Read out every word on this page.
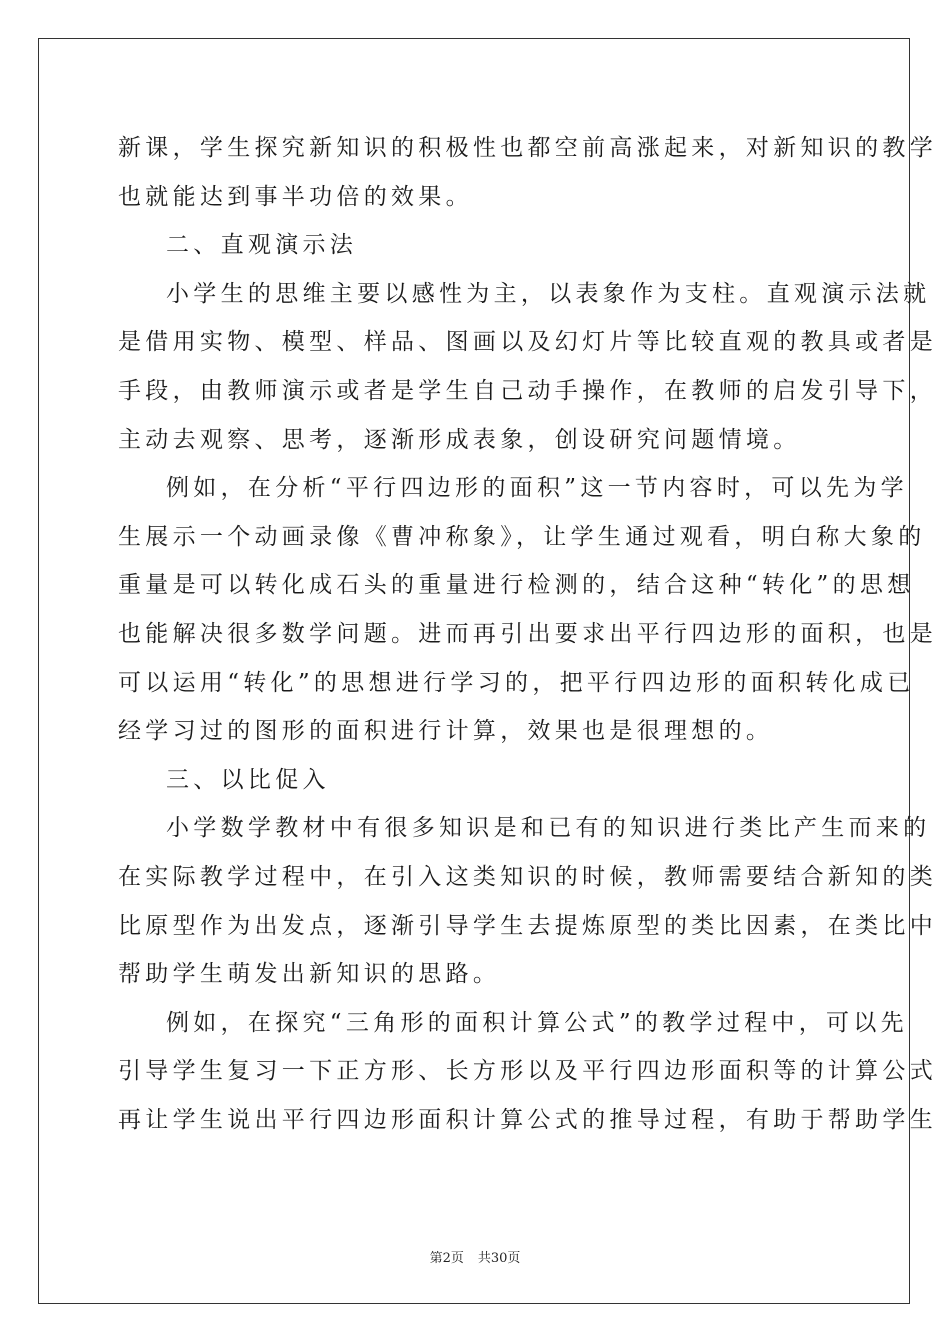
新课，学生探究新知识的积极性也都空前高涨起来，对新知识的教学
也就能达到事半功倍的效果。
二、直观演示法
小学生的思维主要以感性为主，以表象作为支柱。直观演示法就
是借用实物、模型、样品、图画以及幻灯片等比较直观的教具或者是
手段，由教师演示或者是学生自己动手操作，在教师的启发引导下，
主动去观察、思考，逐渐形成表象，创设研究问题情境。
例如，在分析“平行四边形的面积”这一节内容时，可以先为学
生展示一个动画录像《曹冲称象》，让学生通过观看，明白称大象的
重量是可以转化成石头的重量进行检测的，结合这种“转化”的思想
也能解决很多数学问题。进而再引出要求出平行四边形的面积，也是
可以运用“转化”的思想进行学习的，把平行四边形的面积转化成已
经学习过的图形的面积进行计算，效果也是很理想的。
三、以比促入
小学数学教材中有很多知识是和已有的知识进行类比产生而来的
在实际教学过程中，在引入这类知识的时候，教师需要结合新知的类
比原型作为出发点，逐渐引导学生去提炼原型的类比因素，在类比中
帮助学生萌发出新知识的思路。
例如，在探究“三角形的面积计算公式”的教学过程中，可以先
引导学生复习一下正方形、长方形以及平行四边形面积等的计算公式
再让学生说出平行四边形面积计算公式的推导过程，有助于帮助学生
第2页 共30页
